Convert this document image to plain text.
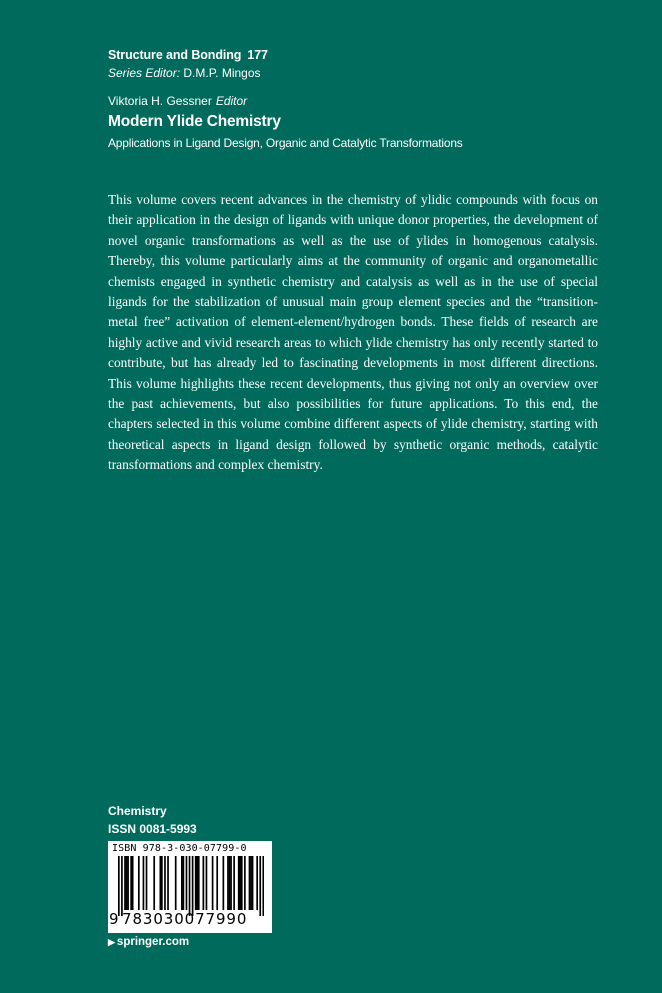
Structure and Bonding 177
Series Editor: D.M.P. Mingos
Viktoria H. Gessner Editor
Modern Ylide Chemistry
Applications in Ligand Design, Organic and Catalytic Transformations

This volume covers recent advances in the chemistry of ylidic compounds with focus on their application in the design of ligands with unique donor properties, the development of novel organic transformations as well as the use of ylides in homogenous catalysis. Thereby, this volume particularly aims at the community of organic and organometallic chemists engaged in synthetic chemistry and catalysis as well as in the use of special ligands for the stabilization of unusual main group element species and the “transition-metal free” activation of element-element/hydrogen bonds. These fields of research are highly active and vivid research areas to which ylide chemistry has only recently started to contribute, but has already led to fascinating developments in most different directions. This volume highlights these recent developments, thus giving not only an overview over the past achievements, but also possibilities for future applications. To this end, the chapters selected in this volume combine different aspects of ylide chemistry, starting with theoretical aspects in ligand design followed by synthetic organic methods, catalytic transformations and complex chemistry.

Chemistry
ISSN 0081-5993
ISBN 978-3-030-07799-0
9 783030077990
▶ springer.com
